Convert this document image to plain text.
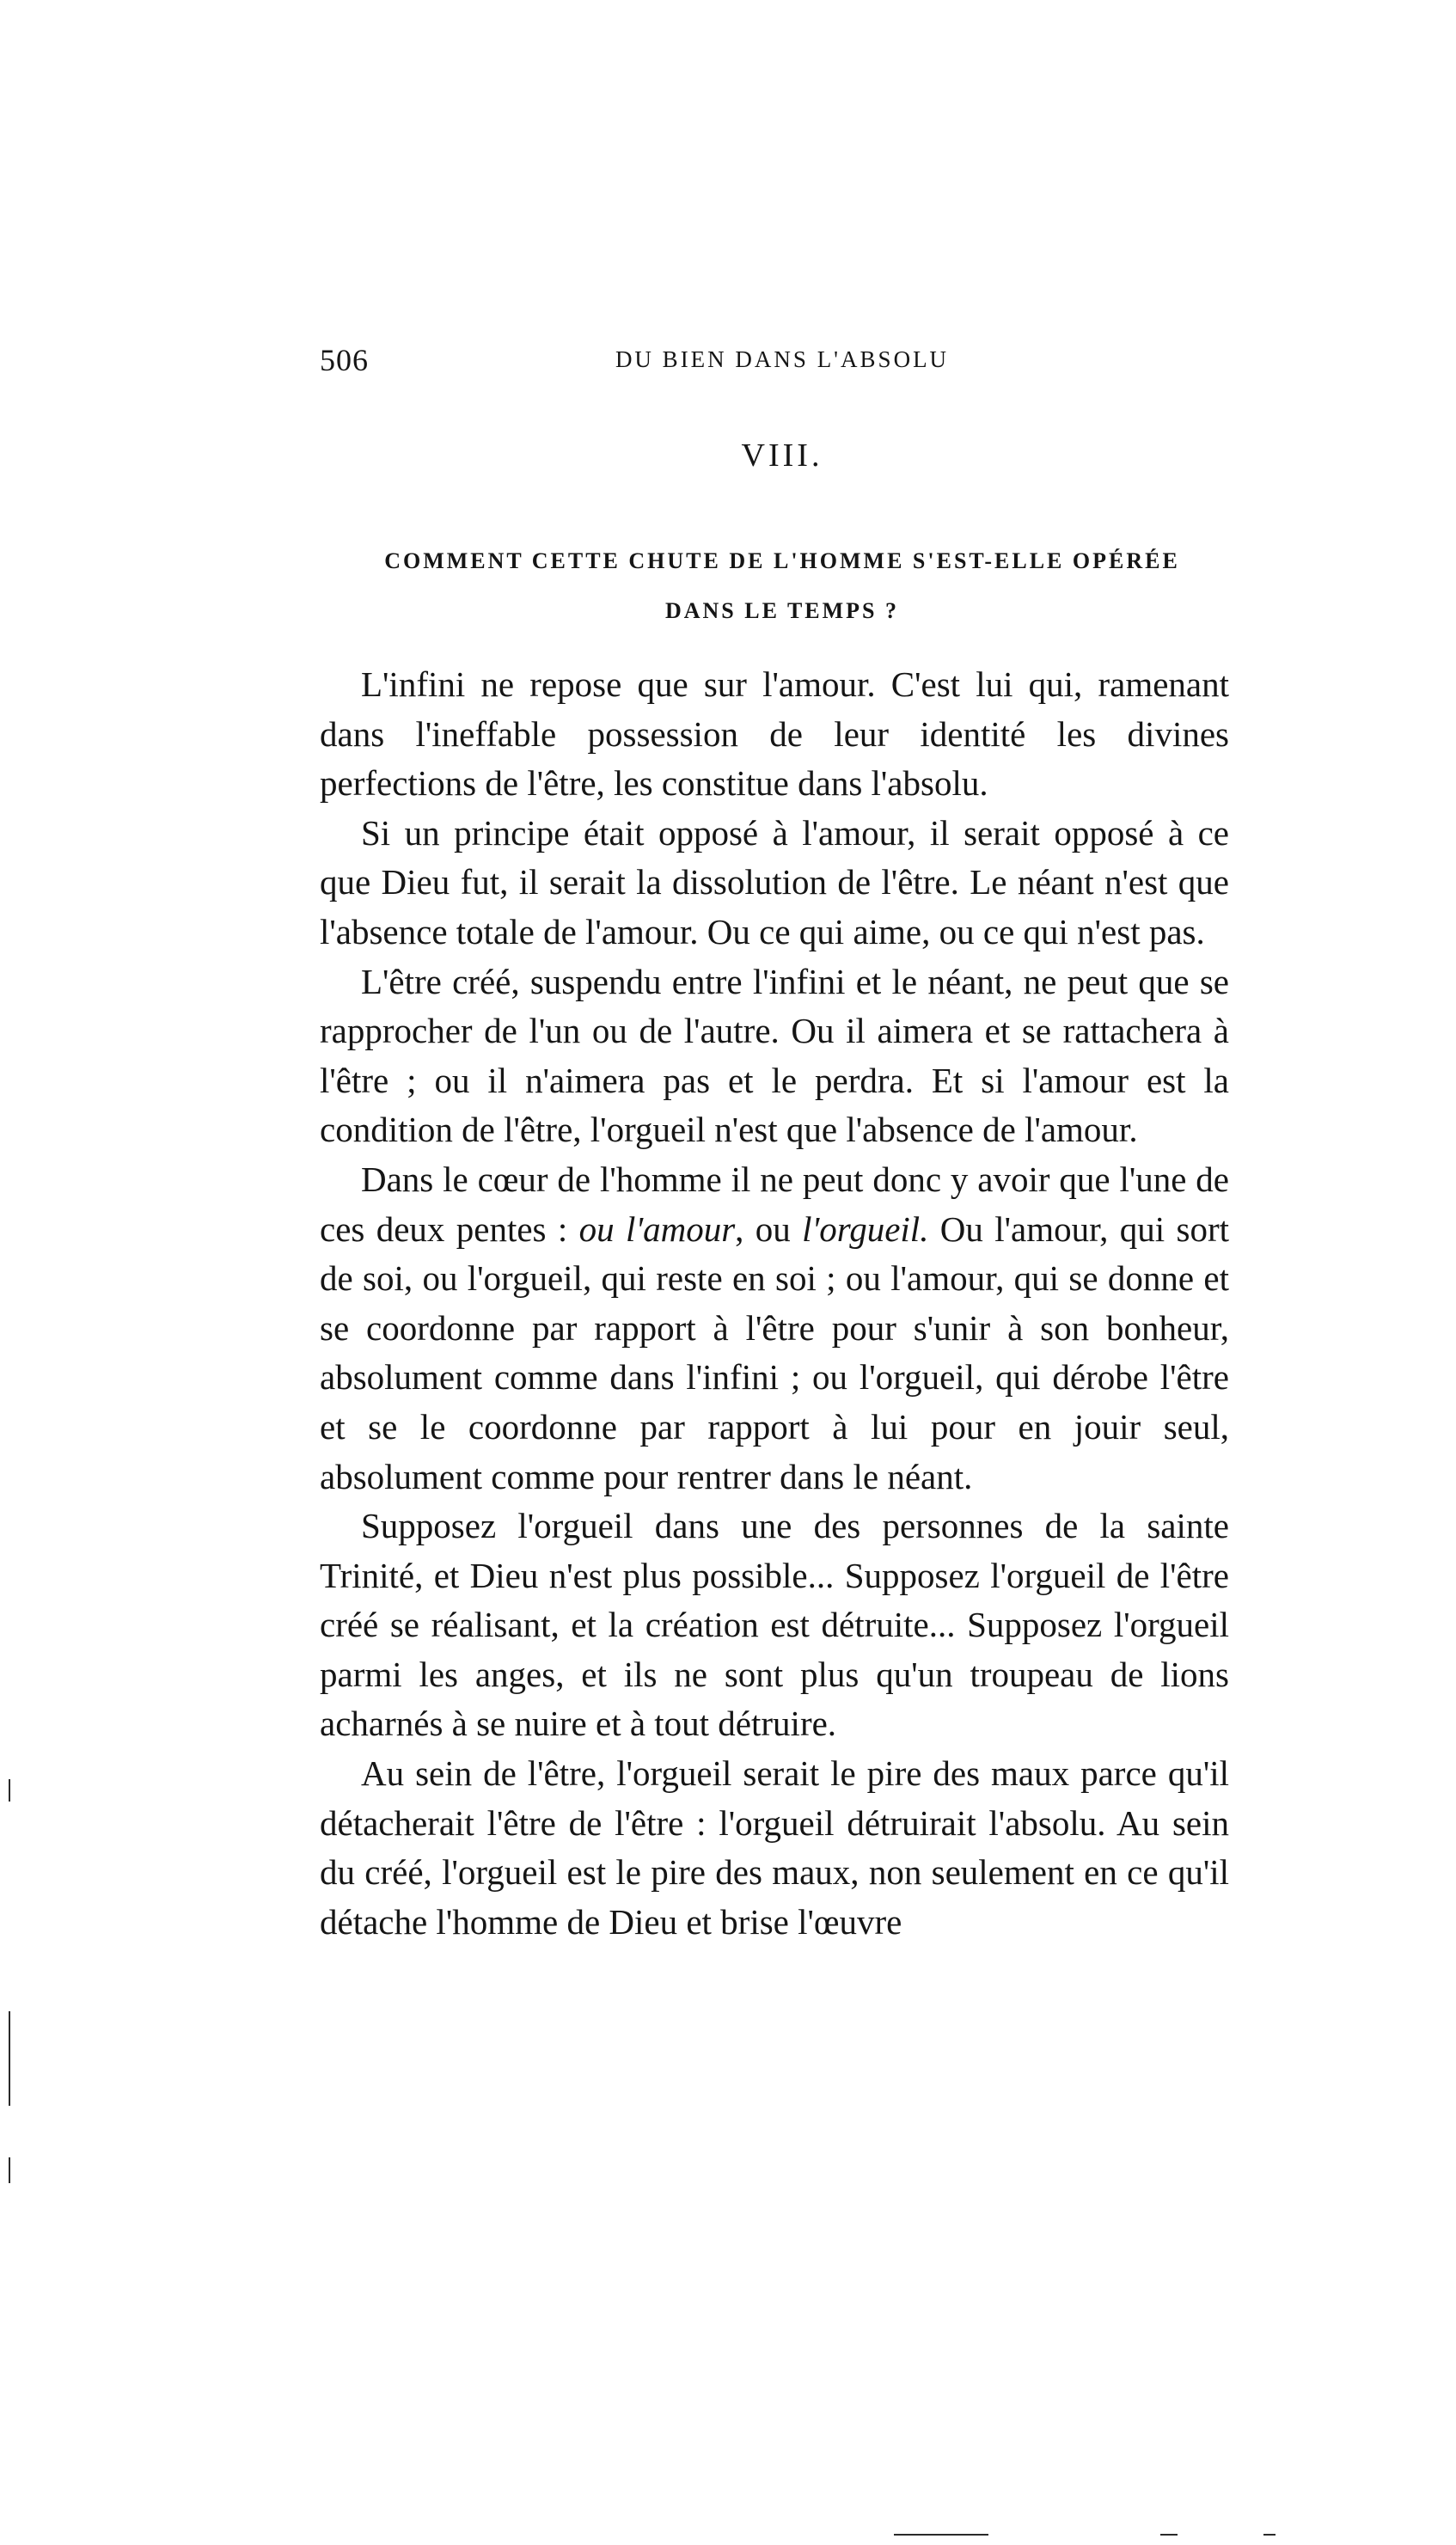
506	DU BIEN DANS L'ABSOLU
VIII.
COMMENT CETTE CHUTE DE L'HOMME S'EST-ELLE OPÉRÉE
DANS LE TEMPS ?

L'infini ne repose que sur l'amour. C'est lui qui, ramenant dans l'ineffable possession de leur identité les divines perfections de l'être, les constitue dans l'absolu.

Si un principe était opposé à l'amour, il serait opposé à ce que Dieu fut, il serait la dissolution de l'être. Le néant n'est que l'absence totale de l'amour. Ou ce qui aime, ou ce qui n'est pas.

L'être créé, suspendu entre l'infini et le néant, ne peut que se rapprocher de l'un ou de l'autre. Ou il aimera et se rattachera à l'être ; ou il n'aimera pas et le perdra. Et si l'amour est la condition de l'être, l'orgueil n'est que l'absence de l'amour.

Dans le cœur de l'homme il ne peut donc y avoir que l'une de ces deux pentes : ou l'amour, ou l'orgueil. Ou l'amour, qui sort de soi, ou l'orgueil, qui reste en soi ; ou l'amour, qui se donne et se coordonne par rapport à l'être pour s'unir à son bonheur, absolument comme dans l'infini ; ou l'orgueil, qui dérobe l'être et se le coordonne par rapport à lui pour en jouir seul, absolument comme pour rentrer dans le néant.

Supposez l'orgueil dans une des personnes de la sainte Trinité, et Dieu n'est plus possible... Supposez l'orgueil de l'être créé se réalisant, et la création est détruite... Supposez l'orgueil parmi les anges, et ils ne sont plus qu'un troupeau de lions acharnés à se nuire et à tout détruire.

Au sein de l'être, l'orgueil serait le pire des maux parce qu'il détacherait l'être de l'être : l'orgueil détruirait l'absolu. Au sein du créé, l'orgueil est le pire des maux, non seulement en ce qu'il détache l'homme de Dieu et brise l'œuvre
